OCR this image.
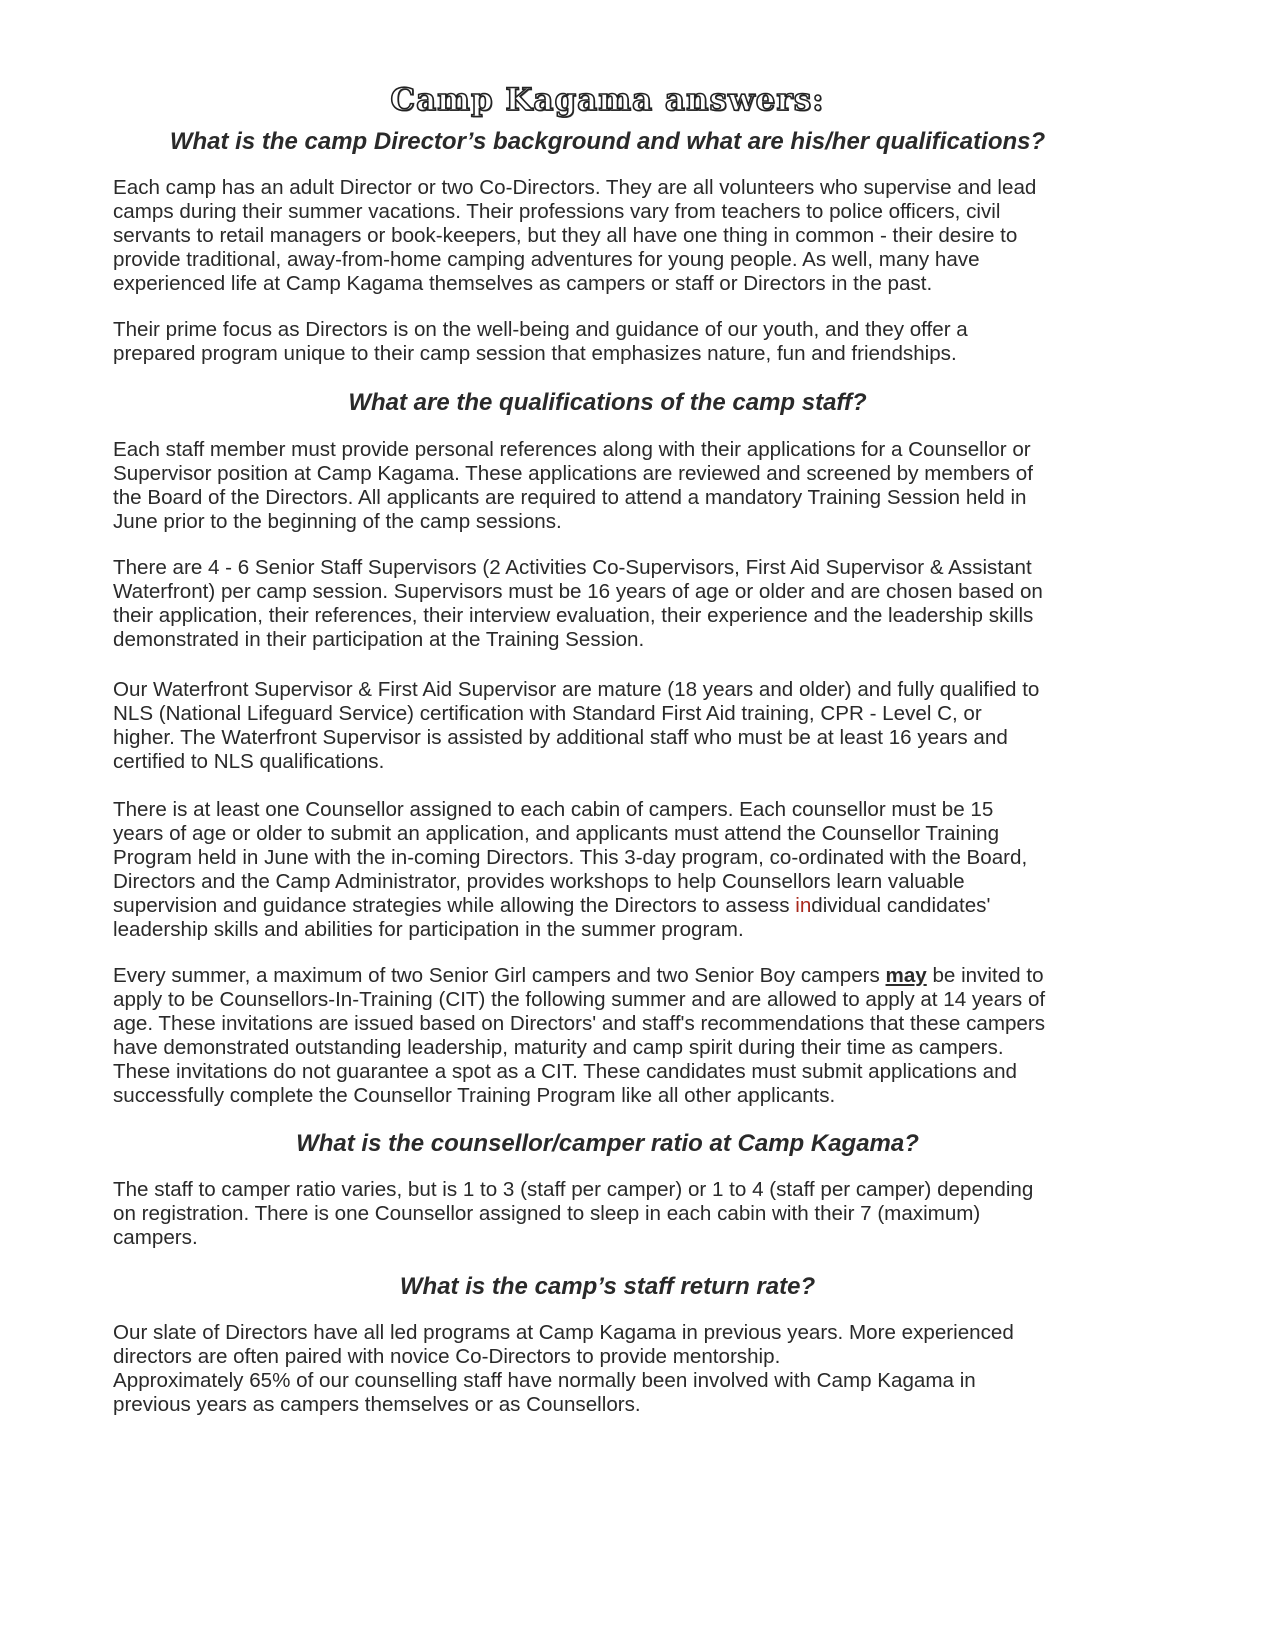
Camp Kagama answers:
What is the camp Director’s background and what are his/her qualifications?
Each camp has an adult Director or two Co-Directors. They are all volunteers who supervise and lead
camps during their summer vacations. Their professions vary from teachers to police officers, civil
servants to retail managers or book-keepers, but they all have one thing in common - their desire to
provide traditional, away-from-home camping adventures for young people. As well, many have
experienced life at Camp Kagama themselves as campers or staff or Directors in the past.
Their prime focus as Directors is on the well-being and guidance of our youth, and they offer a
prepared program unique to their camp session that emphasizes nature, fun and friendships.
What are the qualifications of the camp staff?
Each staff member must provide personal references along with their applications for a Counsellor or
Supervisor position at Camp Kagama. These applications are reviewed and screened by members of
the Board of the Directors. All applicants are required to attend a mandatory Training Session held in
June prior to the beginning of the camp sessions.
There are 4 - 6 Senior Staff Supervisors (2 Activities Co-Supervisors, First Aid Supervisor & Assistant
Waterfront) per camp session. Supervisors must be 16 years of age or older and are chosen based on
their application, their references, their interview evaluation, their experience and the leadership skills
demonstrated in their participation at the Training Session.
Our Waterfront Supervisor & First Aid Supervisor are mature (18 years and older) and fully qualified to
NLS (National Lifeguard Service) certification with Standard First Aid training, CPR - Level C, or
higher. The Waterfront Supervisor is assisted by additional staff who must be at least 16 years and
certified to NLS qualifications.
There is at least one Counsellor assigned to each cabin of campers. Each counsellor must be 15
years of age or older to submit an application, and applicants must attend the Counsellor Training
Program held in June with the in-coming Directors. This 3-day program, co-ordinated with the Board,
Directors and the Camp Administrator, provides workshops to help Counsellors learn valuable
supervision and guidance strategies while allowing the Directors to assess individual candidates'
leadership skills and abilities for participation in the summer program.
Every summer, a maximum of two Senior Girl campers and two Senior Boy campers may be invited to
apply to be Counsellors-In-Training (CIT) the following summer and are allowed to apply at 14 years of
age. These invitations are issued based on Directors' and staff's recommendations that these campers
have demonstrated outstanding leadership, maturity and camp spirit during their time as campers.
These invitations do not guarantee a spot as a CIT. These candidates must submit applications and
successfully complete the Counsellor Training Program like all other applicants.
What is the counsellor/camper ratio at Camp Kagama?
The staff to camper ratio varies, but is 1 to 3 (staff per camper) or 1 to 4 (staff per camper) depending
on registration. There is one Counsellor assigned to sleep in each cabin with their 7 (maximum)
campers.
What is the camp’s staff return rate?
Our slate of Directors have all led programs at Camp Kagama in previous years. More experienced
directors are often paired with novice Co-Directors to provide mentorship.
Approximately 65% of our counselling staff have normally been involved with Camp Kagama in
previous years as campers themselves or as Counsellors.
